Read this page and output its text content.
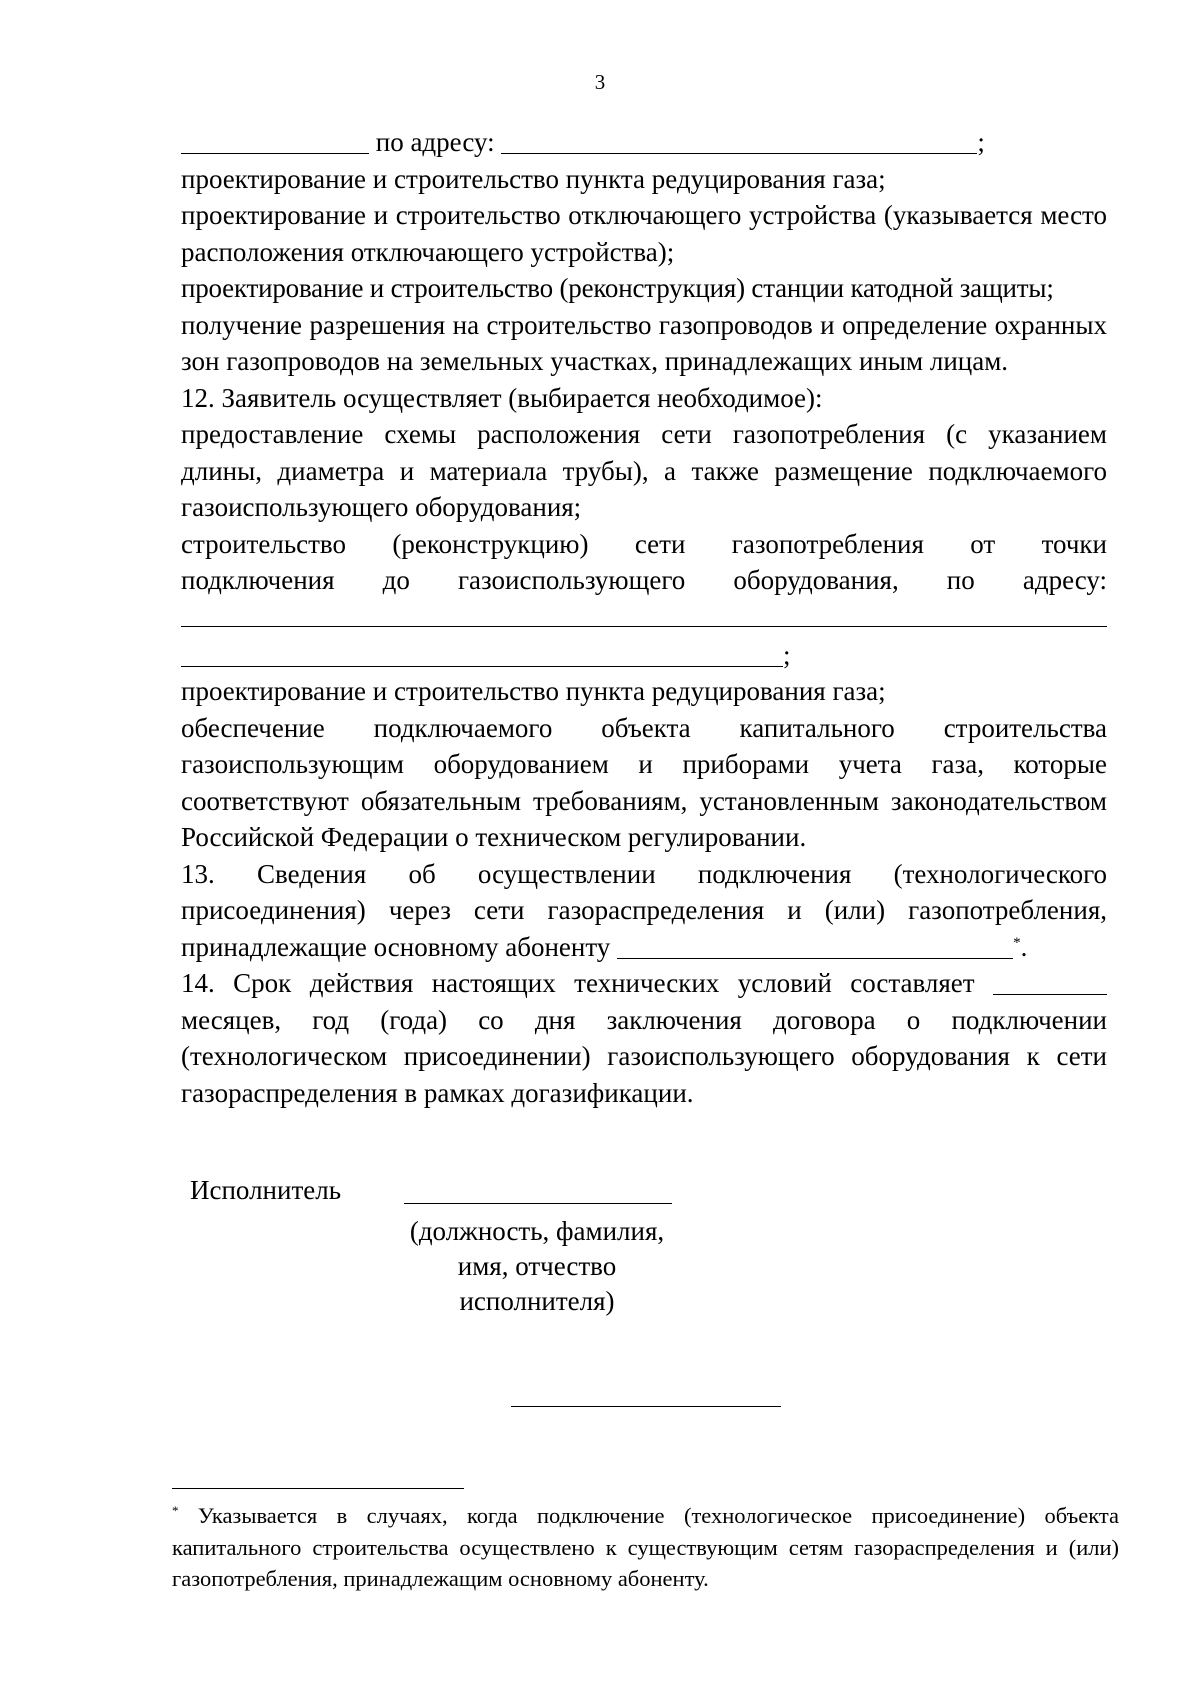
3

по адресу:	;

проектирование и строительство пункта редуцирования газа;

проектирование и строительство отключающего устройства (указывается место расположения отключающего устройства);

проектирование и строительство (реконструкция) станции катодной защиты;

получение разрешения на строительство газопроводов и определение охранных зон газопроводов на земельных участках, принадлежащих иным лицам.

12. Заявитель осуществляет (выбирается необходимое):

предоставление схемы расположения сети газопотребления (с указанием длины, диаметра и материала трубы), а также размещение подключаемого газоиспользующего оборудования;

строительство (реконструкцию) сети газопотребления от точки

подключения до газоиспользующего оборудования, по адресу:

;

проектирование и строительство пункта редуцирования газа;

обеспечение подключаемого объекта капитального строительства газоиспользующим оборудованием и приборами учета газа, которые соответствуют обязательным требованиям, установленным законодательством Российской Федерации о техническом регулировании.

13. Сведения об осуществлении подключения (технологического присоединения) через сети газораспределения и (или) газопотребления, принадлежащие основному абоненту	*.

14. Срок действия настоящих технических условий составляет  месяцев, год (года) со дня заключения договора о подключении (технологическом присоединении) газоиспользующего оборудования к сети газораспределения в рамках догазификации.

Исполнитель
(должность, фамилия,
имя, отчество
исполнителя)
* Указывается в случаях, когда подключение (технологическое присоединение) объекта капитального строительства осуществлено к существующим сетям газораспределения и (или) газопотребления, принадлежащим основному абоненту.
